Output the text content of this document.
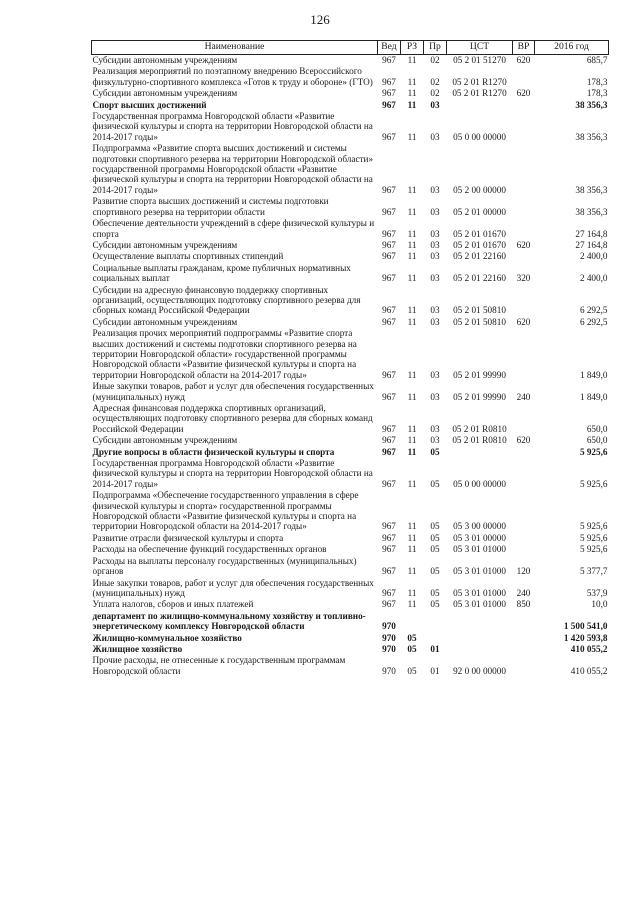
126
Наименование	Вед	РЗ	Пр	ЦСТ	ВР	2016 год
Субсидии автономным учреждениям	967	11	02	05 2 01 51270	620	685,7
Реализация мероприятий по поэтапному внедрению Всероссийского физкультурно-спортивного комплекса «Готов к труду и обороне» (ГТО)	967	11	02	05 2 01 R1270		178,3
Субсидии автономным учреждениям	967	11	02	05 2 01 R1270	620	178,3
Спорт высших достижений	967	11	03			38 356,3
Государственная программа Новгородской области «Развитие физической культуры и спорта на территории Новгородской области на 2014-2017 годы»	967	11	03	05 0 00 00000		38 356,3
Подпрограмма «Развитие спорта высших достижений и системы подготовки спортивного резерва на территории Новгородской области» государственной программы Новгородской области «Развитие физической культуры и спорта на территории Новгородской области на 2014-2017 годы»	967	11	03	05 2 00 00000		38 356,3
Развитие спорта высших достижений и системы подготовки спортивного резерва на территории области	967	11	03	05 2 01 00000		38 356,3
Обеспечение деятельности учреждений в сфере физической культуры и спорта	967	11	03	05 2 01 01670		27 164,8
Субсидии автономным учреждениям	967	11	03	05 2 01 01670	620	27 164,8
Осуществление выплаты спортивных стипендий	967	11	03	05 2 01 22160		2 400,0
Социальные выплаты гражданам, кроме публичных нормативных социальных выплат	967	11	03	05 2 01 22160	320	2 400,0
Субсидии на адресную финансовую поддержку спортивных организаций, осуществляющих подготовку спортивного резерва для сборных команд Российской Федерации	967	11	03	05 2 01 50810		6 292,5
Субсидии автономным учреждениям	967	11	03	05 2 01 50810	620	6 292,5
Реализация прочих мероприятий подпрограммы «Развитие спорта высших достижений и системы подготовки спортивного резерва на территории Новгородской области» государственной программы Новгородской области «Развитие физической культуры и спорта на территории Новгородской области на 2014-2017 годы»	967	11	03	05 2 01 99990		1 849,0
Иные закупки товаров, работ и услуг для обеспечения государственных (муниципальных) нужд	967	11	03	05 2 01 99990	240	1 849,0
Адресная финансовая поддержка спортивных организаций, осуществляющих подготовку спортивного резерва для сборных команд Российской Федерации	967	11	03	05 2 01 R0810		650,0
Субсидии автономным учреждениям	967	11	03	05 2 01 R0810	620	650,0
Другие вопросы в области физической культуры и спорта	967	11	05			5 925,6
Государственная программа Новгородской области «Развитие физической культуры и спорта на территории Новгородской области на 2014-2017 годы»	967	11	05	05 0 00 00000		5 925,6
Подпрограмма «Обеспечение государственного управления в сфере физической культуры и спорта» государственной программы Новгородской области «Развитие физической культуры и спорта на территории Новгородской области на 2014-2017 годы»	967	11	05	05 3 00 00000		5 925,6
Развитие отрасли физической культуры и спорта	967	11	05	05 3 01 00000		5 925,6
Расходы на обеспечение функций государственных органов	967	11	05	05 3 01 01000		5 925,6
Расходы на выплаты персоналу государственных (муниципальных) органов	967	11	05	05 3 01 01000	120	5 377,7
Иные закупки товаров, работ и услуг для обеспечения государственных (муниципальных) нужд	967	11	05	05 3 01 01000	240	537,9
Уплата налогов, сборов и иных платежей	967	11	05	05 3 01 01000	850	10,0
департамент по жилищно-коммунальному хозяйству и топливно-энергетическому комплексу Новгородской области	970					1 500 541,0
Жилищно-коммунальное хозяйство	970	05				1 420 593,8
Жилищное хозяйство	970	05	01			410 055,2
Прочие расходы, не отнесенные к государственным программам Новгородской области	970	05	01	92 0 00 00000		410 055,2
